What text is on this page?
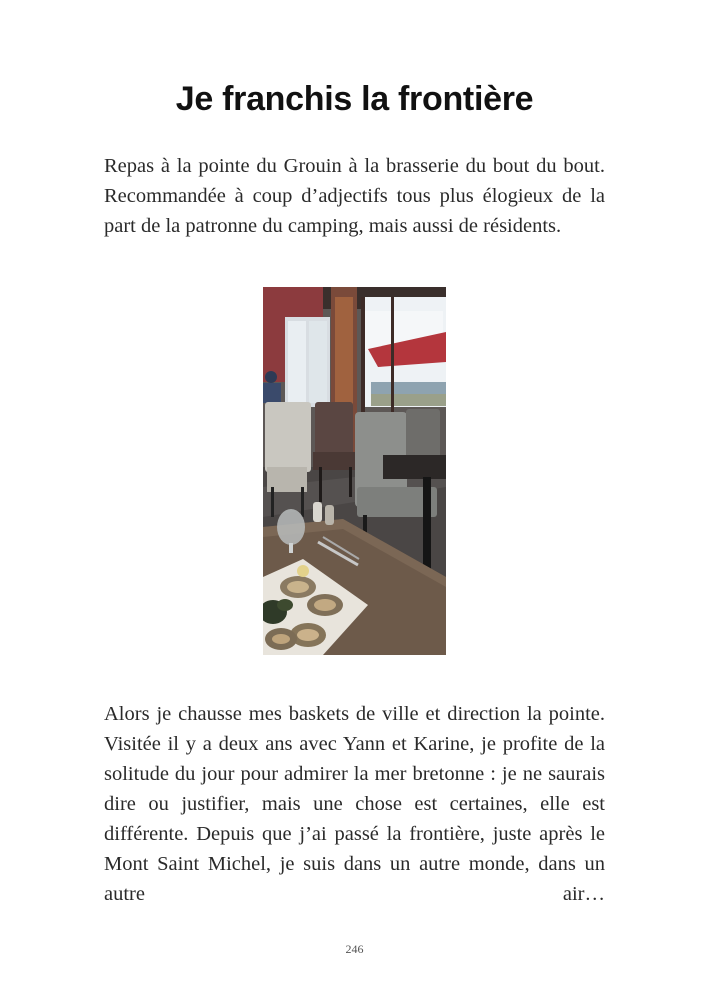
Je franchis la frontière

Repas à la pointe du Grouin à la brasserie du bout du bout. Recommandée à coup d’adjectifs tous plus élogieux de la part de la patronne du camping, mais aussi de résidents.

Alors je chausse mes baskets de ville et direction la pointe. Visitée il y a deux ans avec Yann et Karine, je profite de la solitude du jour pour admirer la mer bretonne : je ne saurais dire ou justifier, mais une chose est certaines, elle est différente. Depuis que j’ai passé la frontière, juste après le Mont Saint Michel, je suis dans un autre monde, dans un autre air…

246
